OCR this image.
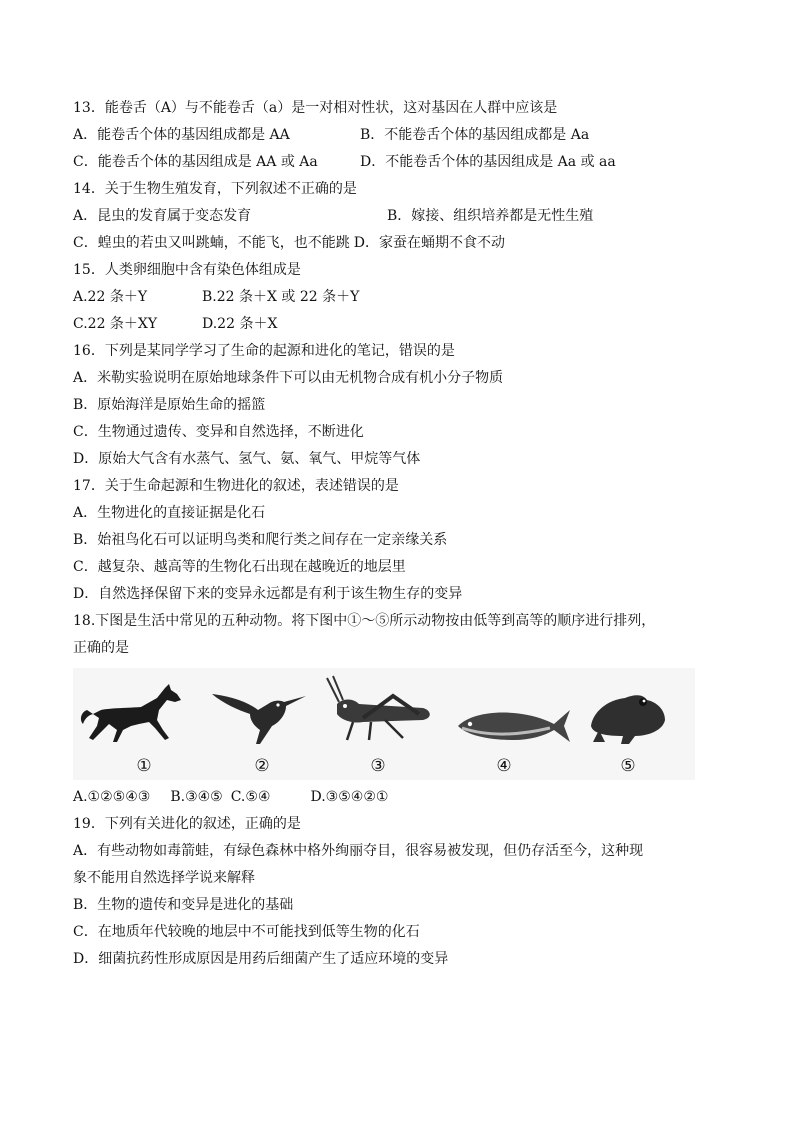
13．能卷舌（A）与不能卷舌（a）是一对相对性状，这对基因在人群中应该是
A．能卷舌个体的基因组成都是 AA	B．不能卷舌个体的基因组成都是 Aa
C．能卷舌个体的基因组成是 AA 或 Aa	D．不能卷舌个体的基因组成是 Aa 或 aa
14．关于生物生殖发育，下列叙述不正确的是
A．昆虫的发育属于变态发育	B．嫁接、组织培养都是无性生殖
C．蝗虫的若虫又叫跳蝻，不能飞，也不能跳 D．家蚕在蛹期不食不动
15．人类卵细胞中含有染色体组成是
A.22 条＋Y	B.22 条＋X 或 22 条＋Y
C.22 条＋XY	D.22 条＋X
16．下列是某同学学习了生命的起源和进化的笔记，错误的是
A．米勒实验说明在原始地球条件下可以由无机物合成有机小分子物质
B．原始海洋是原始生命的摇篮
C．生物通过遗传、变异和自然选择，不断进化
D．原始大气含有水蒸气、氢气、氨、氧气、甲烷等气体
17．关于生命起源和生物进化的叙述，表述错误的是
A．生物进化的直接证据是化石
B．始祖鸟化石可以证明鸟类和爬行类之间存在一定亲缘关系
C．越复杂、越高等的生物化石出现在越晚近的地层里
D．自然选择保留下来的变异永远都是有利于该生物生存的变异
18.下图是生活中常见的五种动物。将下图中①～⑤所示动物按由低等到高等的顺序进行排列，
正确的是
①	②	③	④	⑤
A.①②⑤④③ B.③④⑤ C.⑤④	D.③⑤④②①
19．下列有关进化的叙述，正确的是
A．有些动物如毒箭蛙，有绿色森林中格外绚丽夺目，很容易被发现，但仍存活至今，这种现
象不能用自然选择学说来解释
B．生物的遗传和变异是进化的基础
C．在地质年代较晚的地层中不可能找到低等生物的化石
D．细菌抗药性形成原因是用药后细菌产生了适应环境的变异
